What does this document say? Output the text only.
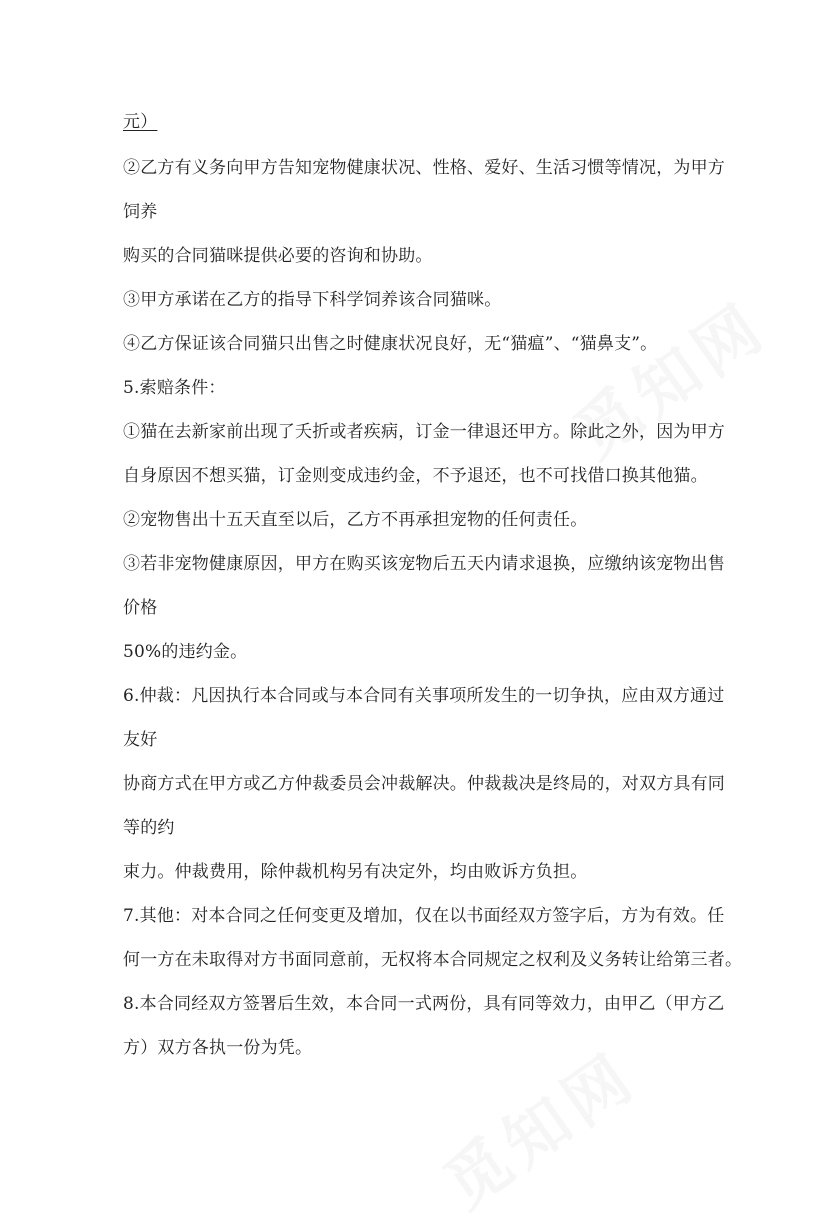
觅知网
觅知网
元）
②乙方有义务向甲方告知宠物健康状况、性格、爱好、生活习惯等情况，为甲方
饲养
购买的合同猫咪提供必要的咨询和协助。
③甲方承诺在乙方的指导下科学饲养该合同猫咪。
④乙方保证该合同猫只出售之时健康状况良好，无“猫瘟”、“猫鼻支”。
5.索赔条件：
①猫在去新家前出现了夭折或者疾病，订金一律退还甲方。除此之外，因为甲方
自身原因不想买猫，订金则变成违约金，不予退还，也不可找借口换其他猫。
②宠物售出十五天直至以后，乙方不再承担宠物的任何责任。
③若非宠物健康原因，甲方在购买该宠物后五天内请求退换，应缴纳该宠物出售
价格
50%的违约金。
6.仲裁：凡因执行本合同或与本合同有关事项所发生的一切争执，应由双方通过
友好
协商方式在甲方或乙方仲裁委员会冲裁解决。仲裁裁决是终局的，对双方具有同
等的约
束力。仲裁费用，除仲裁机构另有决定外，均由败诉方负担。
7.其他：对本合同之任何变更及增加，仅在以书面经双方签字后，方为有效。任
何一方在未取得对方书面同意前，无权将本合同规定之权利及义务转让给第三者。
8.本合同经双方签署后生效，本合同一式两份，具有同等效力，由甲乙（甲方乙
方）双方各执一份为凭。
